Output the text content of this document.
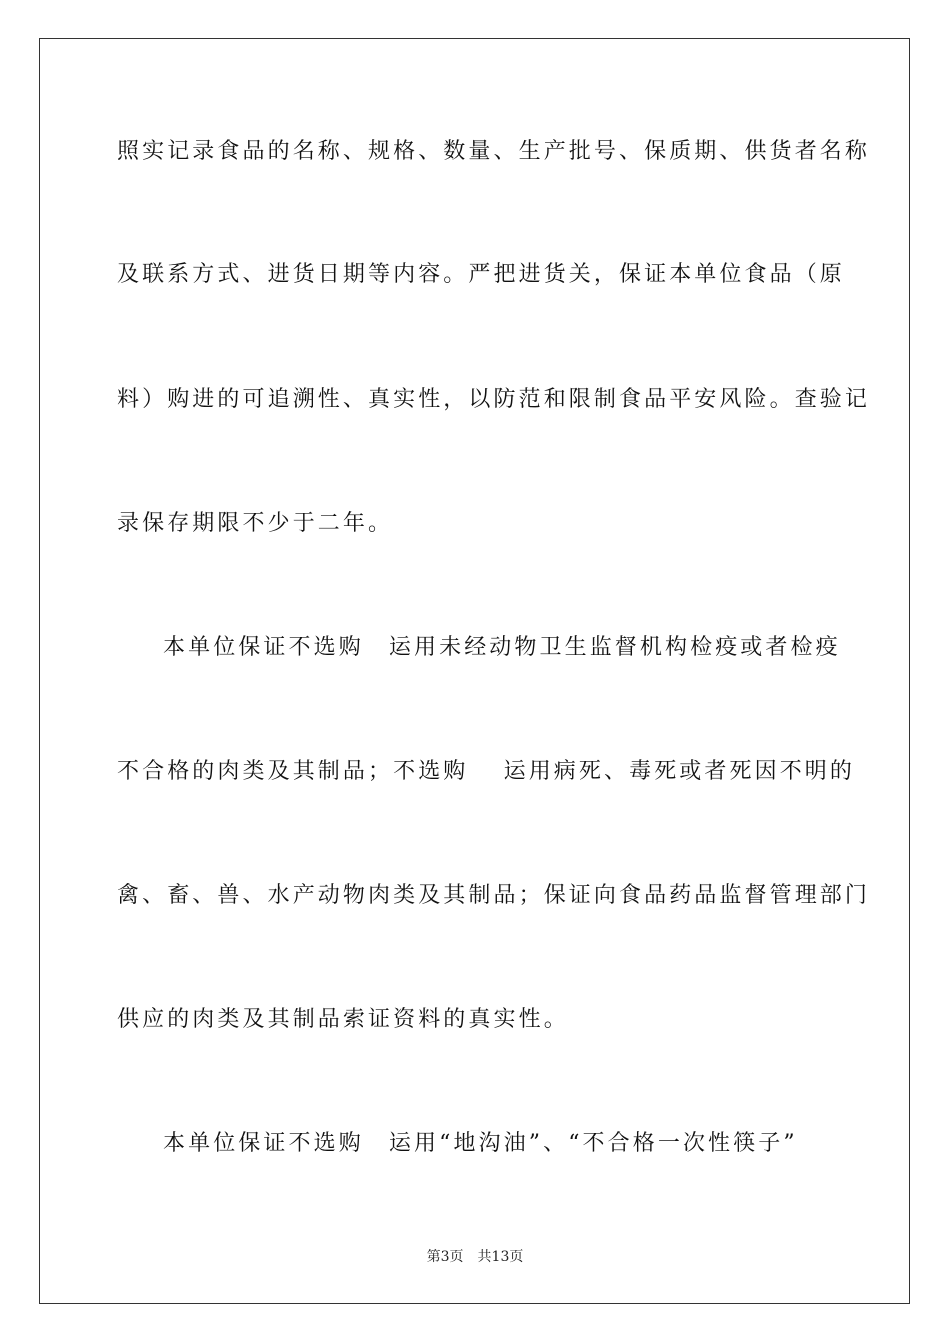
照实记录食品的名称、规格、数量、生产批号、保质期、供货者名称
及联系方式、进货日期等内容。严把进货关，保证本单位食品（原
料）购进的可追溯性、真实性，以防范和限制食品平安风险。查验记
录保存期限不少于二年。
本单位保证不选购　运用未经动物卫生监督机构检疫或者检疫
不合格的肉类及其制品；不选购　 运用病死、毒死或者死因不明的
禽、畜、兽、水产动物肉类及其制品；保证向食品药品监督管理部门
供应的肉类及其制品索证资料的真实性。
本单位保证不选购　运用“地沟油”、“不合格一次性筷子”
第3页　共13页
